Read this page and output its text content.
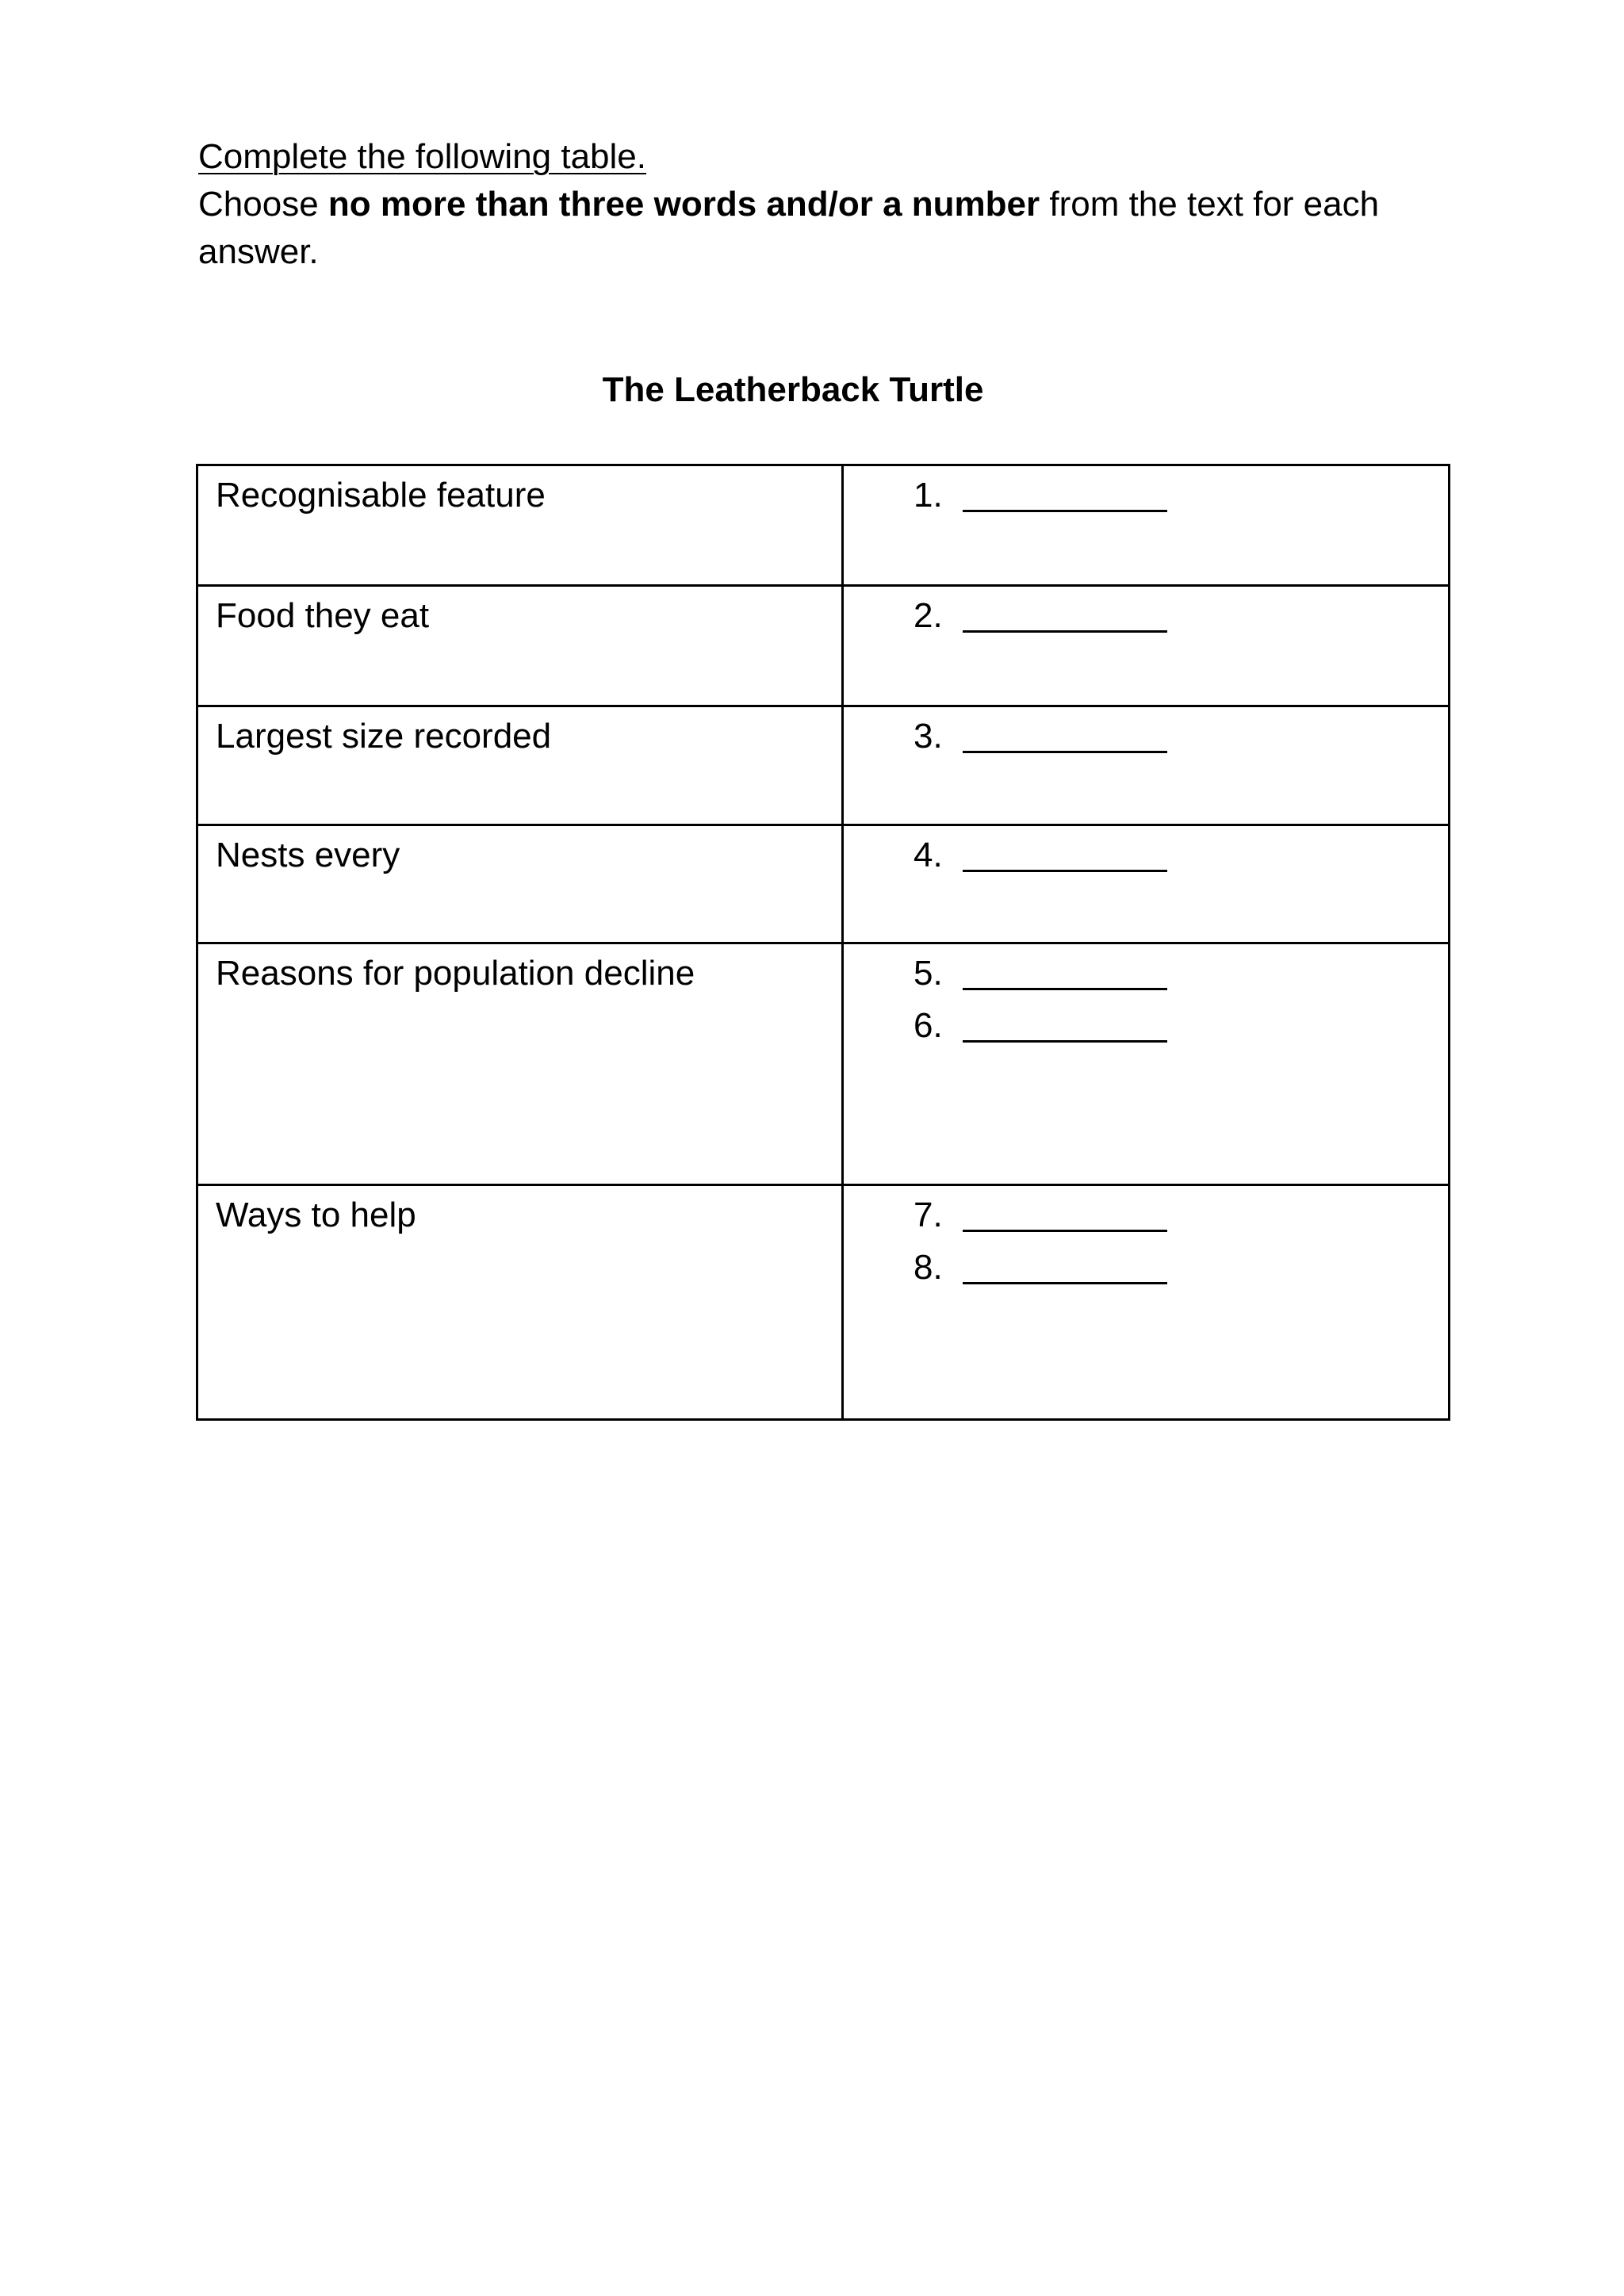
Complete the following table.
Choose no more than three words and/or a number from the text for each answer.
The Leatherback Turtle
Recognisable feature	1.

Food they eat	2.

Largest size recorded	3.

Nests every	4.

Reasons for population decline	5.
6.

Ways to help	7.
8.
